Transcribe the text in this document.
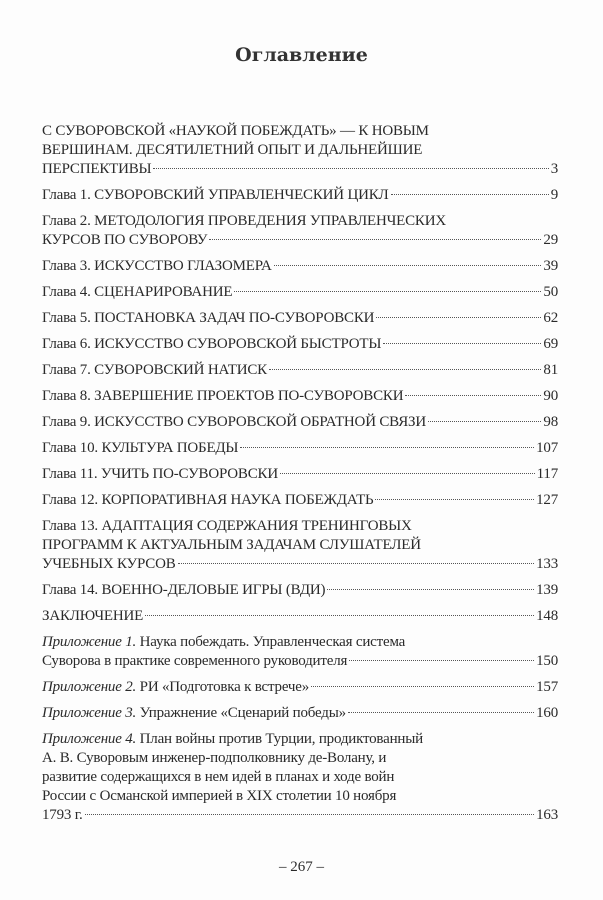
Оглавление
С СУВОРОВСКОЙ «НАУКОЙ ПОБЕЖДАТЬ» — К НОВЫМ
ВЕРШИНАМ. ДЕСЯТИЛЕТНИЙ ОПЫТ И ДАЛЬНЕЙШИЕ
ПЕРСПЕКТИВЫ	3
Глава 1. СУВОРОВСКИЙ УПРАВЛЕНЧЕСКИЙ ЦИКЛ	9
Глава 2. МЕТОДОЛОГИЯ ПРОВЕДЕНИЯ УПРАВЛЕНЧЕСКИХ
КУРСОВ ПО СУВОРОВУ	29
Глава 3. ИСКУССТВО ГЛАЗОМЕРА	39
Глава 4. СЦЕНАРИРОВАНИЕ	50
Глава 5. ПОСТАНОВКА ЗАДАЧ ПО-СУВОРОВСКИ	62
Глава 6. ИСКУССТВО СУВОРОВСКОЙ БЫСТРОТЫ	69
Глава 7. СУВОРОВСКИЙ НАТИСК	81
Глава 8. ЗАВЕРШЕНИЕ ПРОЕКТОВ ПО-СУВОРОВСКИ	90
Глава 9. ИСКУССТВО СУВОРОВСКОЙ ОБРАТНОЙ СВЯЗИ	98
Глава 10. КУЛЬТУРА ПОБЕДЫ	107
Глава 11. УЧИТЬ ПО-СУВОРОВСКИ	117
Глава 12. КОРПОРАТИВНАЯ НАУКА ПОБЕЖДАТЬ	127
Глава 13. АДАПТАЦИЯ СОДЕРЖАНИЯ ТРЕНИНГОВЫХ
ПРОГРАММ К АКТУАЛЬНЫМ ЗАДАЧАМ СЛУШАТЕЛЕЙ
УЧЕБНЫХ КУРСОВ	133
Глава 14. ВОЕННО-ДЕЛОВЫЕ ИГРЫ (ВДИ)	139
ЗАКЛЮЧЕНИЕ	148
Приложение 1. Наука побеждать. Управленческая система
Суворова в практике современного руководителя	150
Приложение 2. РИ «Подготовка к встрече»	157
Приложение 3. Упражнение «Сценарий победы»	160
Приложение 4. План войны против Турции, продиктованный
А. В. Суворовым инженер-подполковнику де-Волану, и
развитие содержащихся в нем идей в планах и ходе войн
России с Османской империей в XIX столетии 10 ноября
1793 г.	163
– 267 –
